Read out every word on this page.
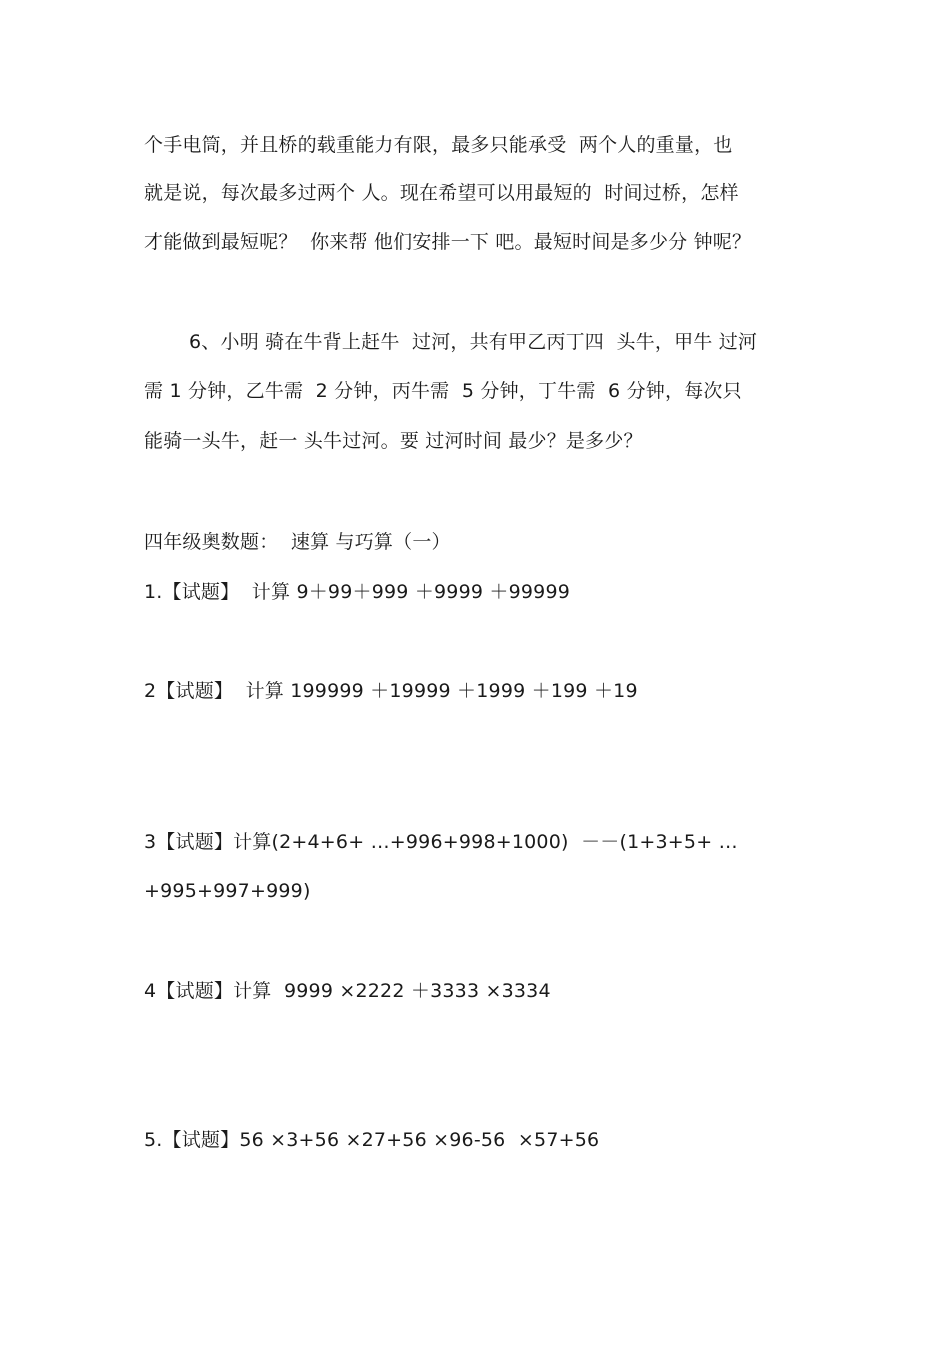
个手电筒，并且桥的载重能力有限，最多只能承受  两个人的重量，也
就是说，每次最多过两个 人。现在希望可以用最短的  时间过桥，怎样
才能做到最短呢？  你来帮 他们安排一下 吧。最短时间是多少分 钟呢？
6、小明 骑在牛背上赶牛  过河，共有甲乙丙丁四  头牛，甲牛 过河
需 1 分钟，乙牛需  2 分钟，丙牛需  5 分钟，丁牛需  6 分钟，每次只
能骑一头牛，赶一 头牛过河。要 过河时间 最少？是多少？
四年级奥数题：  速算 与巧算（一）
1.【试题】  计算 9＋99＋999 ＋9999 ＋99999
2【试题】  计算 199999 ＋19999 ＋1999 ＋199 ＋19
3【试题】计算(2+4+6+ …+996+998+1000)  －－(1+3+5+ …
+995+997+999)
4【试题】计算  9999 ×2222 ＋3333 ×3334
5.【试题】56 ×3+56 ×27+56 ×96-56  ×57+56
